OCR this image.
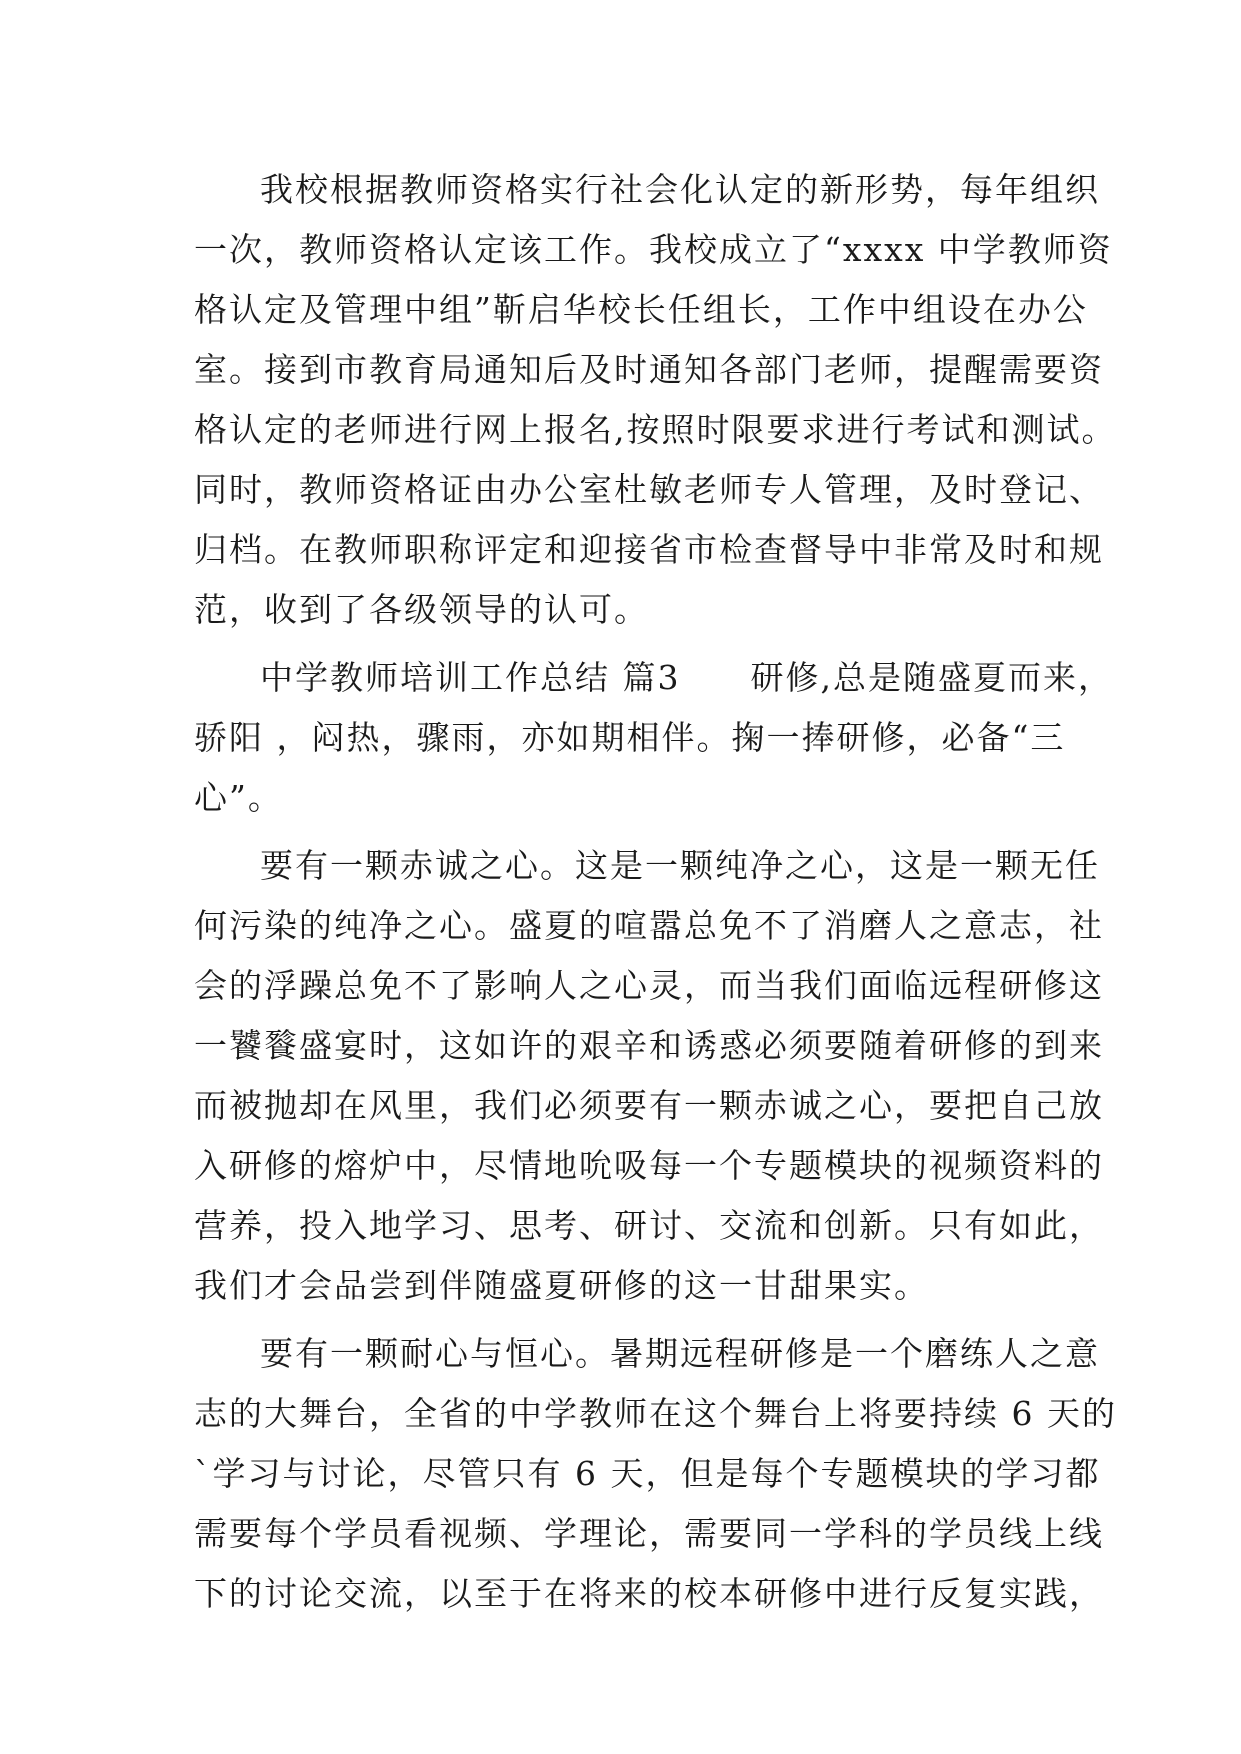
我校根据教师资格实行社会化认定的新形势，每年组织
一次，教师资格认定该工作。我校成立了“xxxx 中学教师资
格认定及管理中组”靳启华校长任组长，工作中组设在办公
室。接到市教育局通知后及时通知各部门老师，提醒需要资
格认定的老师进行网上报名,按照时限要求进行考试和测试。
同时，教师资格证由办公室杜敏老师专人管理，及时登记、
归档。在教师职称评定和迎接省市检查督导中非常及时和规
范，收到了各级领导的认可。
中学教师培训工作总结 篇3 研修,总是随盛夏而来，
骄阳 ，闷热，骤雨，亦如期相伴。掬一捧研修，必备“三
心”。
要有一颗赤诚之心。这是一颗纯净之心，这是一颗无任
何污染的纯净之心。盛夏的喧嚣总免不了消磨人之意志，社
会的浮躁总免不了影响人之心灵，而当我们面临远程研修这
一饕餮盛宴时，这如许的艰辛和诱惑必须要随着研修的到来
而被抛却在风里，我们必须要有一颗赤诚之心，要把自己放
入研修的熔炉中，尽情地吮吸每一个专题模块的视频资料的
营养，投入地学习、思考、研讨、交流和创新。只有如此，
我们才会品尝到伴随盛夏研修的这一甘甜果实。
要有一颗耐心与恒心。暑期远程研修是一个磨练人之意
志的大舞台，全省的中学教师在这个舞台上将要持续 6 天的
`学习与讨论，尽管只有 6 天，但是每个专题模块的学习都
需要每个学员看视频、学理论，需要同一学科的学员线上线
下的讨论交流，以至于在将来的校本研修中进行反复实践，
